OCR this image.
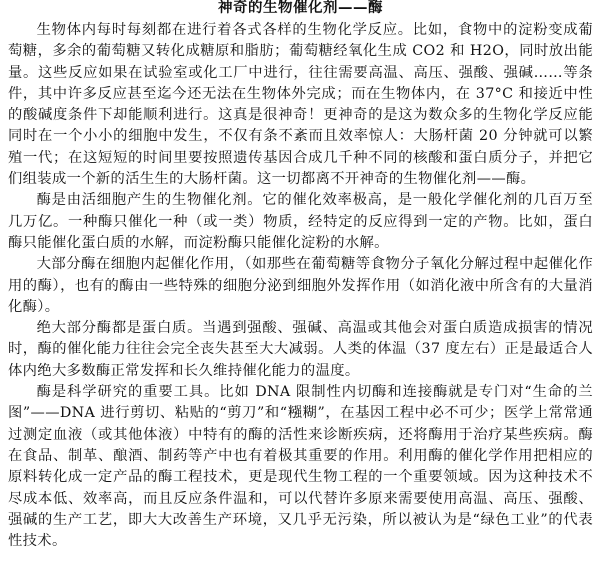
神奇的生物催化剂——酶

生物体内每时每刻都在进行着各式各样的生物化学反应。比如，食物中的淀粉变成葡萄糖，多余的葡萄糖又转化成糖原和脂肪；葡萄糖经氧化生成 CO2 和 H2O，同时放出能量。这些反应如果在试验室或化工厂中进行，往往需要高温、高压、强酸、强碱……等条件，其中许多反应甚至迄今还无法在生物体外完成；而在生物体内，在 37°C 和接近中性的酸碱度条件下却能顺利进行。这真是很神奇！更神奇的是这为数众多的生物化学反应能同时在一个小小的细胞中发生，不仅有条不紊而且效率惊人：大肠杆菌 20 分钟就可以繁殖一代；在这短短的时间里要按照遗传基因合成几千种不同的核酸和蛋白质分子，并把它们组装成一个新的活生生的大肠杆菌。这一切都离不开神奇的生物催化剂——酶。

酶是由活细胞产生的生物催化剂。它的催化效率极高，是一般化学催化剂的几百万至几万亿。一种酶只催化一种（或一类）物质，经特定的反应得到一定的产物。比如，蛋白酶只能催化蛋白质的水解，而淀粉酶只能催化淀粉的水解。

大部分酶在细胞内起催化作用，（如那些在葡萄糖等食物分子氧化分解过程中起催化作用的酶），也有的酶由一些特殊的细胞分泌到细胞外发挥作用（如消化液中所含有的大量消化酶）。

绝大部分酶都是蛋白质。当遇到强酸、强碱、高温或其他会对蛋白质造成损害的情况时，酶的催化能力往往会完全丧失甚至大大减弱。人类的体温（37 度左右）正是最适合人体内绝大多数酶正常发挥和长久维持催化能力的温度。

酶是科学研究的重要工具。比如 DNA 限制性内切酶和连接酶就是专门对“生命的兰图”——DNA 进行剪切、粘贴的“剪刀”和“糨糊”，在基因工程中必不可少；医学上常常通过测定血液（或其他体液）中特有的酶的活性来诊断疾病，还将酶用于治疗某些疾病。酶在食品、制革、酿酒、制药等产中也有着极其重要的作用。利用酶的催化学作用把相应的原料转化成一定产品的酶工程技术，更是现代生物工程的一个重要领域。因为这种技术不尽成本低、效率高，而且反应条件温和，可以代替许多原来需要使用高温、高压、强酸、强碱的生产工艺，即大大改善生产环境，又几乎无污染，所以被认为是“绿色工业”的代表性技术。
